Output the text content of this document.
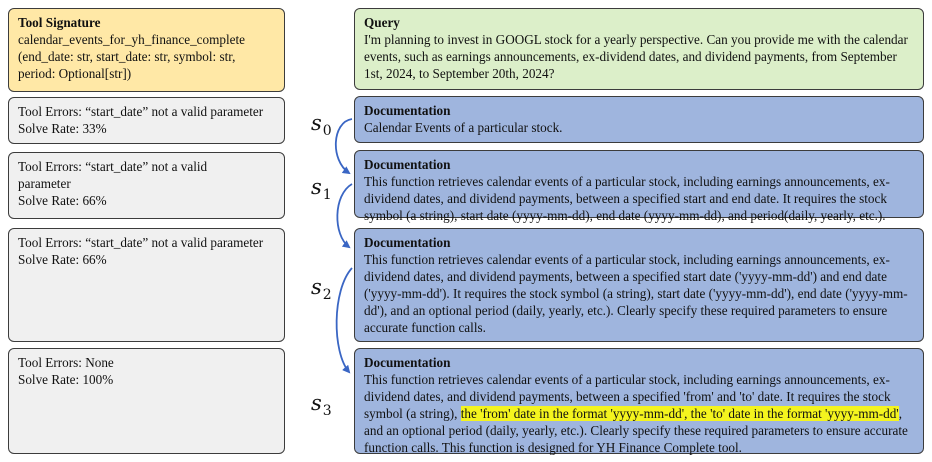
Tool Signature
calendar_events_for_yh_finance_complete (end_date: str, start_date: str, symbol: str, period: Optional[str])
Tool Errors: “start_date” not a valid parameter
Solve Rate: 33%
Tool Errors: “start_date” not a valid parameter
Solve Rate: 66%
Tool Errors: “start_date” not a valid parameter
Solve Rate: 66%
Tool Errors: None
Solve Rate: 100%
Query
I'm planning to invest in GOOGL stock for a yearly perspective. Can you provide me with the calendar events, such as earnings announcements, ex-dividend dates, and dividend payments, from September 1st, 2024, to September 20th, 2024?
Documentation
Calendar Events of a particular stock.
Documentation
This function retrieves calendar events of a particular stock, including earnings announcements, ex-dividend dates, and dividend payments, between a specified start and end date. It requires the stock symbol (a string), start date (yyyy-mm-dd), end date (yyyy-mm-dd), and period(daily, yearly, etc.).
Documentation
This function retrieves calendar events of a particular stock, including earnings announcements, ex-dividend dates, and dividend payments, between a specified start date ('yyyy-mm-dd') and end date ('yyyy-mm-dd'). It requires the stock symbol (a string), start date ('yyyy-mm-dd'), end date ('yyyy-mm-dd'), and an optional period (daily, yearly, etc.). Clearly specify these required parameters to ensure accurate function calls.
Documentation
This function retrieves calendar events of a particular stock, including earnings announcements, ex-dividend dates, and dividend payments, between a specified 'from' and 'to' date. It requires the stock symbol (a string), the 'from' date in the format 'yyyy-mm-dd', the 'to' date in the format 'yyyy-mm-dd', and an optional period (daily, yearly, etc.). Clearly specify these required parameters to ensure accurate function calls. This function is designed for YH Finance Complete tool.
$s_0$
$s_1$
$s_2$
$s_3$
